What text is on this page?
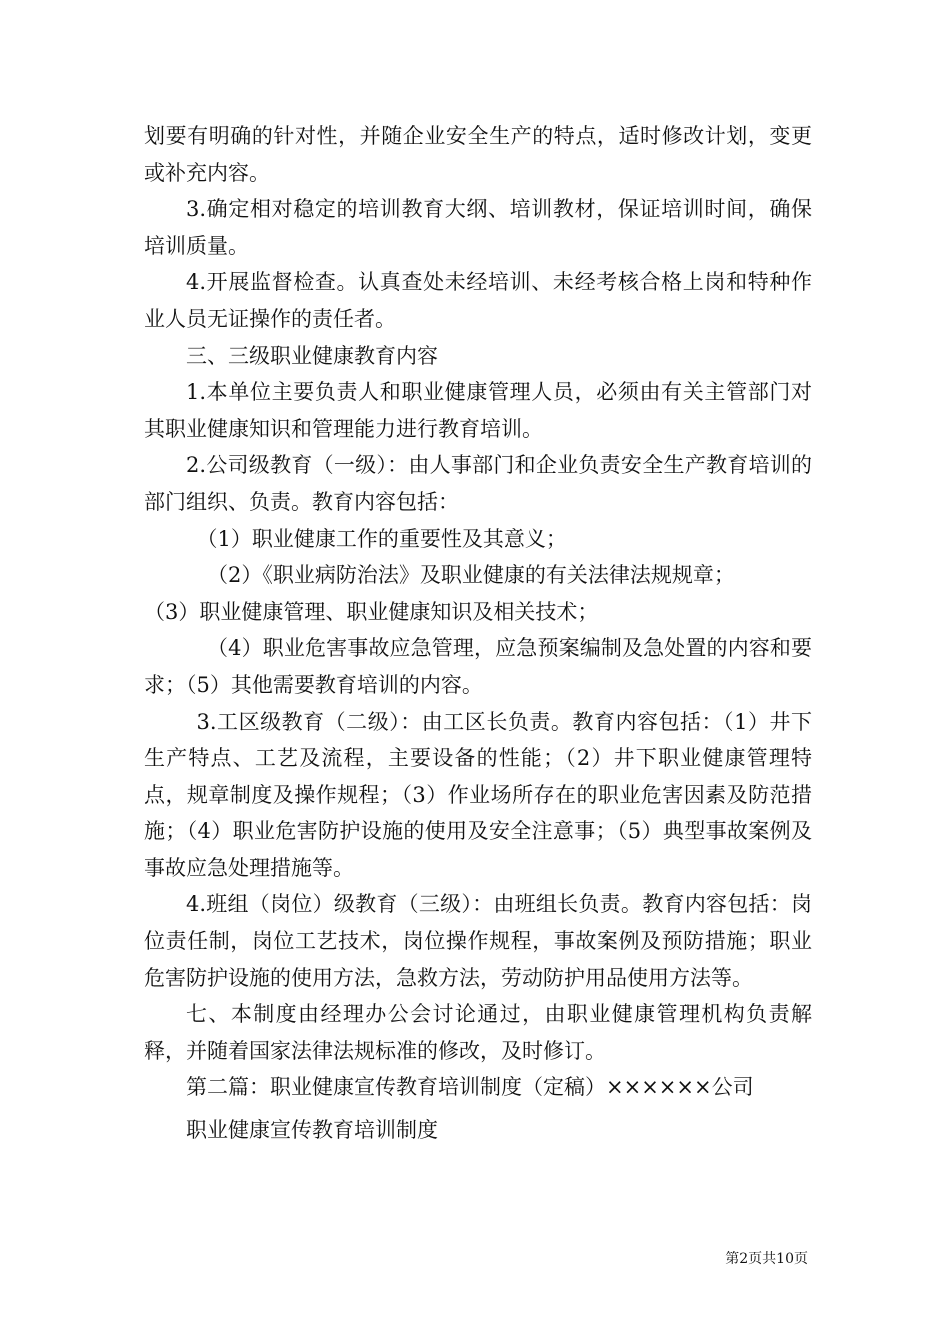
划要有明确的针对性，并随企业安全生产的特点，适时修改计划，变更或补充内容。

3.确定相对稳定的培训教育大纲、培训教材，保证培训时间，确保培训质量。

4.开展监督检查。认真查处未经培训、未经考核合格上岗和特种作业人员无证操作的责任者。

三、三级职业健康教育内容

1.本单位主要负责人和职业健康管理人员，必须由有关主管部门对其职业健康知识和管理能力进行教育培训。

2.公司级教育（一级）：由人事部门和企业负责安全生产教育培训的部门组织、负责。教育内容包括：

（1）职业健康工作的重要性及其意义；

（2）《职业病防治法》及职业健康的有关法律法规规章；

（3）职业健康管理、职业健康知识及相关技术；

（4）职业危害事故应急管理，应急预案编制及急处置的内容和要求；（5）其他需要教育培训的内容。

3.工区级教育（二级）：由工区长负责。教育内容包括：（1）井下生产特点、工艺及流程，主要设备的性能；（2）井下职业健康管理特点，规章制度及操作规程；（3）作业场所存在的职业危害因素及防范措施；（4）职业危害防护设施的使用及安全注意事；（5）典型事故案例及事故应急处理措施等。

4.班组（岗位）级教育（三级）：由班组长负责。教育内容包括：岗位责任制，岗位工艺技术，岗位操作规程，事故案例及预防措施；职业危害防护设施的使用方法，急救方法，劳动防护用品使用方法等。

七、本制度由经理办公会讨论通过，由职业健康管理机构负责解释，并随着国家法律法规标准的修改，及时修订。

第二篇：职业健康宣传教育培训制度（定稿）××××××公司

职业健康宣传教育培训制度

第2页共10页
